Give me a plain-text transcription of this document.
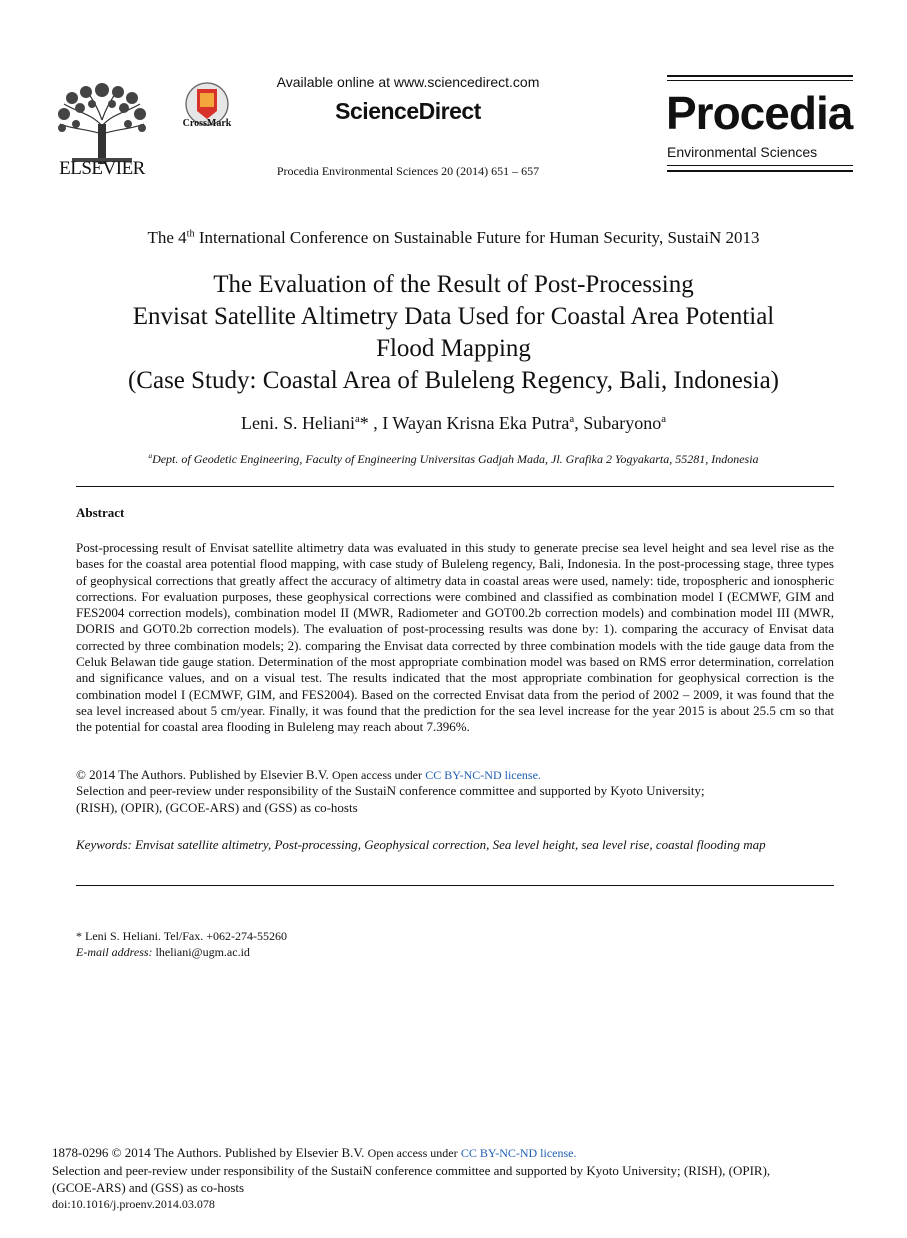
ELSEVIER
CrossMark
Available online at www.sciencedirect.com
ScienceDirect
Procedia Environmental Sciences 20 (2014) 651 – 657
Procedia
Environmental Sciences
The 4th International Conference on Sustainable Future for Human Security, SustaiN 2013
The Evaluation of the Result of Post-Processing
Envisat Satellite Altimetry Data Used for Coastal Area Potential
Flood Mapping
(Case Study: Coastal Area of Buleleng Regency, Bali, Indonesia)
Leni. S. Heliani$^a$* , I Wayan Krisna Eka Putra$^a$, Subaryono$^a$
$^a$Dept. of Geodetic Engineering, Faculty of Engineering Universitas Gadjah Mada, Jl. Grafika 2 Yogyakarta, 55281, Indonesia
Abstract
Post-processing result of Envisat satellite altimetry data was evaluated in this study to generate precise sea level height and sea level rise as the bases for the coastal area potential flood mapping, with case study of Buleleng regency, Bali, Indonesia. In the post-processing stage, three types of geophysical corrections that greatly affect the accuracy of altimetry data in coastal areas were used, namely: tide, tropospheric and ionospheric corrections. For evaluation purposes, these geophysical corrections were combined and classified as combination model I (ECMWF, GIM and FES2004 correction models), combination model II (MWR, Radiometer and GOT00.2b correction models) and combination model III (MWR, DORIS and GOT0.2b correction models). The evaluation of post-processing results was done by: 1). comparing the accuracy of Envisat data corrected by three combination models; 2). comparing the Envisat data corrected by three combination models with the tide gauge data from the Celuk Belawan tide gauge station. Determination of the most appropriate combination model was based on RMS error determination, correlation and significance values, and on a visual test. The results indicated that the most appropriate combination for geophysical correction is the combination model I (ECMWF, GIM, and FES2004). Based on the corrected Envisat data from the period of 2002 – 2009, it was found that the sea level increased about 5 cm/year. Finally, it was found that the prediction for the sea level increase for the year 2015 is about 25.5 cm so that the potential for coastal area flooding in Buleleng may reach about 7.396%.
© 2014 The Authors. Published by Elsevier B.V. Open access under CC BY-NC-ND license.
Selection and peer-review under responsibility of the SustaiN conference committee and supported by Kyoto University;
(RISH), (OPIR), (GCOE-ARS) and (GSS) as co-hosts
Keywords: Envisat satellite altimetry, Post-processing, Geophysical correction, Sea level height, sea level rise, coastal flooding map
* Leni S. Heliani. Tel/Fax. +062-274-55260
E-mail address: lheliani@ugm.ac.id
1878-0296 © 2014 The Authors. Published by Elsevier B.V. Open access under CC BY-NC-ND license.
Selection and peer-review under responsibility of the SustaiN conference committee and supported by Kyoto University; (RISH), (OPIR),
(GCOE-ARS) and (GSS) as co-hosts
doi:10.1016/j.proenv.2014.03.078
